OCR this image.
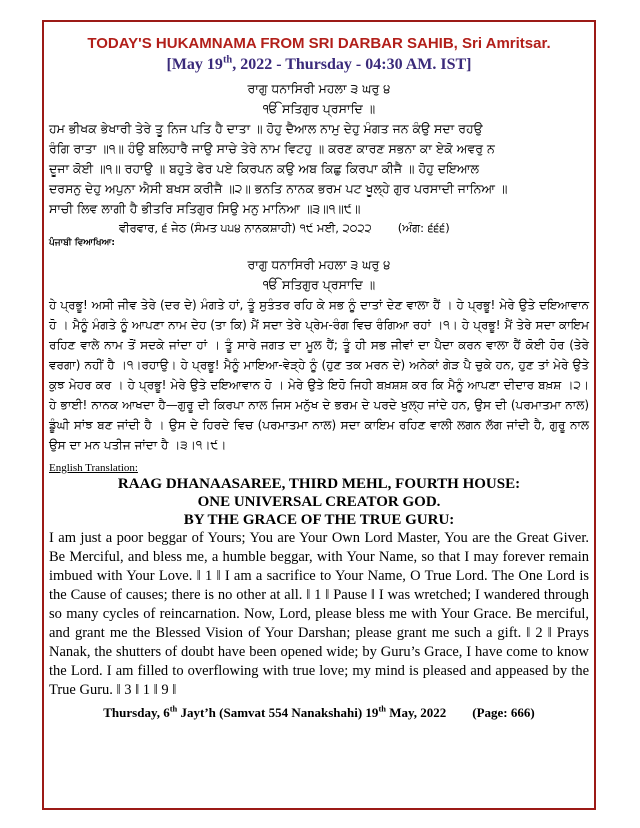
TODAY'S HUKAMNAMA FROM SRI DARBAR SAHIB, Sri Amritsar.
[May 19th, 2022 - Thursday - 04:30 AM. IST]
ਰਾਗੁ ਧਨਾਸਿਰੀ ਮਹਲਾ ੩ ਘਰੁ ੪
ੴ ਸਤਿਗੁਰ ਪ੍ਰਸਾਦਿ ॥
ਹਮ ਭੀਖਕ ਭੇਖਾਰੀ ਤੇਰੇ ਤੂ ਨਿਜ ਪਤਿ ਹੈ ਦਾਤਾ ॥ ਹੋਹੁ ਦੈਆਲ ਨਾਮੁ ਦੇਹੁ ਮੰਗਤ ਜਨ ਕੰਉ ਸਦਾ ਰਹਉ
ਰੰਗਿ ਰਾਤਾ ॥੧॥ ਹੰਉ ਬਲਿਹਾਰੈ ਜਾਉ ਸਾਚੇ ਤੇਰੇ ਨਾਮ ਵਿਟਹੁ ॥ ਕਰਣ ਕਾਰਣ ਸਭਨਾ ਕਾ ਏਕੋ ਅਵਰੁ ਨ
ਦੂਜਾ ਕੋਈ ॥੧॥ ਰਹਾਉ ॥ ਬਹੁਤੇ ਫੇਰ ਪਏ ਕਿਰਪਨ ਕਉ ਅਬ ਕਿਛੁ ਕਿਰਪਾ ਕੀਜੈ ॥ ਹੋਹੁ ਦਇਆਲ
ਦਰਸਨੁ ਦੇਹੁ ਅਪੁਨਾ ਐਸੀ ਬਖਸ ਕਰੀਜੈ ॥੨॥ ਭਨਤਿ ਨਾਨਕ ਭਰਮ ਪਟ ਖੂਲ੍ਹੇ ਗੁਰ ਪਰਸਾਦੀ ਜਾਨਿਆ ॥
ਸਾਚੀ ਲਿਵ ਲਾਗੀ ਹੈ ਭੀਤਰਿ ਸਤਿਗੁਰ ਸਿਉ ਮਨੁ ਮਾਨਿਆ ॥੩॥੧॥੯॥
ਵੀਰਵਾਰ, ੬ ਜੇਠ (ਸੰਮਤ ੫੫੪ ਨਾਨਕਸ਼ਾਹੀ) ੧੯ ਮਈ, ੨੦੨੨ (ਅੰਗ: ੬੬੬)
ਪੰਜਾਬੀ ਵਿਆਖਿਆ:
ਰਾਗੁ ਧਨਾਸਿਰੀ ਮਹਲਾ ੩ ਘਰੁ ੪
ੴ ਸਤਿਗੁਰ ਪ੍ਰਸਾਦਿ ॥
ਹੇ ਪ੍ਰਭੂ! ਅਸੀ ਜੀਵ ਤੇਰੇ (ਦਰ ਦੇ) ਮੰਗਤੇ ਹਾਂ, ਤੂੰ ਸੁਤੰਤਰ ਰਹਿ ਕੇ ਸਭ ਨੂੰ ਦਾਤਾਂ ਦੇਣ ਵਾਲਾ ਹੈਂ । ਹੇ ਪ੍ਰਭੂ! ਮੇਰੇ ਉਤੇ ਦਇਆਵਾਨ ਹੋ । ਮੈਨੂੰ ਮੰਗਤੇ ਨੂੰ ਆਪਣਾ ਨਾਮ ਦੇਹ (ਤਾ ਕਿ) ਮੈਂ ਸਦਾ ਤੇਰੇ ਪ੍ਰੇਮ-ਰੰਗ ਵਿਚ ਰੰਗਿਆ ਰਹਾਂ ।੧। ਹੇ ਪ੍ਰਭੂ! ਮੈਂ ਤੇਰੇ ਸਦਾ ਕਾਇਮ ਰਹਿਣ ਵਾਲੇ ਨਾਮ ਤੋਂ ਸਦਕੇ ਜਾਂਦਾ ਹਾਂ । ਤੂੰ ਸਾਰੇ ਜਗਤ ਦਾ ਮੂਲ ਹੈਂ; ਤੂੰ ਹੀ ਸਭ ਜੀਵਾਂ ਦਾ ਪੈਦਾ ਕਰਨ ਵਾਲਾ ਹੈਂ ਕੋਈ ਹੋਰ (ਤੇਰੇ ਵਰਗਾ) ਨਹੀਂ ਹੈ ।੧।ਰਹਾਉ। ਹੇ ਪ੍ਰਭੂ! ਮੈਨੂੰ ਮਾਇਆ-ਵੇੜ੍ਹੇ ਨੂੰ (ਹੁਣ ਤਕ ਮਰਨ ਦੇ) ਅਨੇਕਾਂ ਗੇੜ ਪੈ ਚੁਕੇ ਹਨ, ਹੁਣ ਤਾਂ ਮੇਰੇ ਉਤੇ ਕੁਝ ਮੇਹਰ ਕਰ । ਹੇ ਪ੍ਰਭੂ! ਮੇਰੇ ਉਤੇ ਦਇਆਵਾਨ ਹੋ । ਮੇਰੇ ਉਤੇ ਇਹੋ ਜਿਹੀ ਬਖ਼ਸ਼ਸ਼ ਕਰ ਕਿ ਮੈਨੂੰ ਆਪਣਾ ਦੀਦਾਰ ਬਖ਼ਸ਼ ।੨। ਹੇ ਭਾਈ! ਨਾਨਕ ਆਖਦਾ ਹੈ—ਗੁਰੂ ਦੀ ਕਿਰਪਾ ਨਾਲ ਜਿਸ ਮਨੁੱਖ ਦੇ ਭਰਮ ਦੇ ਪਰਦੇ ਖੁਲ੍ਹ ਜਾਂਦੇ ਹਨ, ਉਸ ਦੀ (ਪਰਮਾਤਮਾ ਨਾਲ) ਡੂੰਘੀ ਸਾਂਝ ਬਣ ਜਾਂਦੀ ਹੈ । ਉਸ ਦੇ ਹਿਰਦੇ ਵਿਚ (ਪਰਮਾਤਮਾ ਨਾਲ) ਸਦਾ ਕਾਇਮ ਰਹਿਣ ਵਾਲੀ ਲਗਨ ਲੱਗ ਜਾਂਦੀ ਹੈ, ਗੁਰੂ ਨਾਲ ਉਸ ਦਾ ਮਨ ਪਤੀਜ ਜਾਂਦਾ ਹੈ ।੩।੧।੯।
English Translation:
RAAG DHANAASAREE, THIRD MEHL, FOURTH HOUSE:
ONE UNIVERSAL CREATOR GOD.
BY THE GRACE OF THE TRUE GURU:
I am just a poor beggar of Yours; You are Your Own Lord Master, You are the Great Giver. Be Merciful, and bless me, a humble beggar, with Your Name, so that I may forever remain imbued with Your Love. ‖ 1 ‖ I am a sacrifice to Your Name, O True Lord. The One Lord is the Cause of causes; there is no other at all. ‖ 1 ‖ Pause ‖ I was wretched; I wandered through so many cycles of reincarnation. Now, Lord, please bless me with Your Grace. Be merciful, and grant me the Blessed Vision of Your Darshan; please grant me such a gift. ‖ 2 ‖ Prays Nanak, the shutters of doubt have been opened wide; by Guru’s Grace, I have come to know the Lord. I am filled to overflowing with true love; my mind is pleased and appeased by the True Guru. ‖ 3 ‖ 1 ‖ 9 ‖
Thursday, 6th Jayt’h (Samvat 554 Nanakshahi) 19th May, 2022 (Page: 666)
